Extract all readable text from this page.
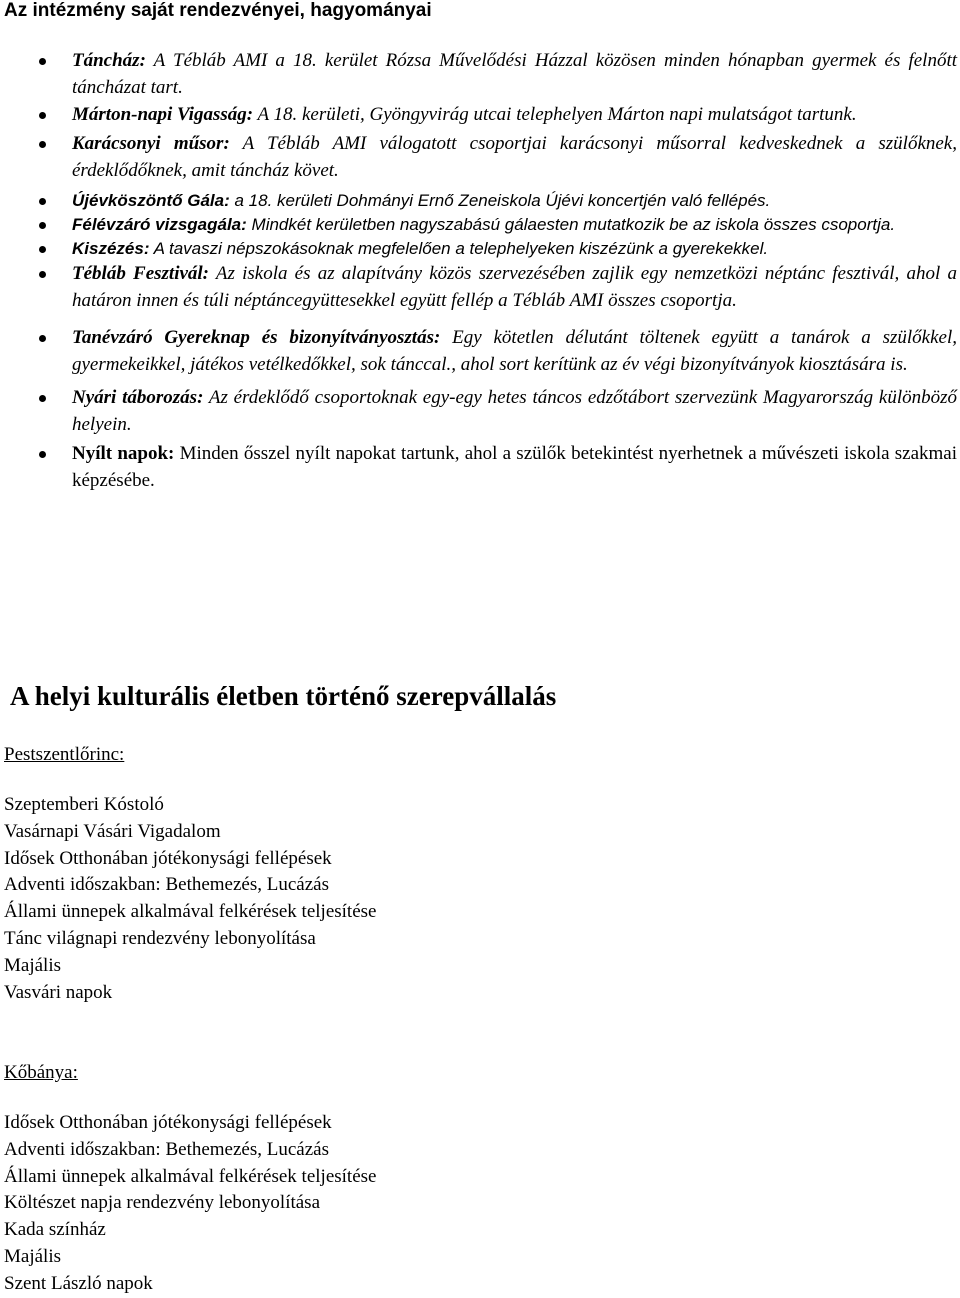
Az intézmény saját rendezvényei, hagyományai
Táncház: A Tébláb AMI a 18. kerület Rózsa Művelődési Házzal közösen minden hónapban gyermek és felnőtt táncházat tart.
Márton-napi Vigasság: A 18. kerületi, Gyöngyvirág utcai telephelyen Márton napi mulatságot tartunk.
Karácsonyi műsor: A Tébláb AMI válogatott csoportjai karácsonyi műsorral kedveskednek a szülőknek, érdeklődőknek, amit táncház követ.
Újévköszöntő Gála: a 18. kerületi Dohmányi Ernő Zeneiskola Újévi koncertjén való fellépés.
Félévzáró vizsgagála: Mindkét kerületben nagyszabású gálaesten mutatkozik be az iskola összes csoportja.
Kiszézés: A tavaszi népszokásoknak megfelelően a telephelyeken kiszézünk a gyerekekkel.
Tébláb Fesztivál: Az iskola és az alapítvány közös szervezésében zajlik egy nemzetközi néptánc fesztivál, ahol a határon innen és túli néptáncegyüttesekkel együtt fellép a Tébláb AMI összes csoportja.
Tanévzáró Gyereknap és bizonyítványosztás: Egy kötetlen délutánt töltenek együtt a tanárok a szülőkkel, gyermekeikkel, játékos vetélkedőkkel, sok tánccal., ahol sort kerítünk az év végi bizonyítványok kiosztására is.
Nyári táborozás: Az érdeklődő csoportoknak egy-egy hetes táncos edzőtábort szervezünk Magyarország különböző helyein.
Nyílt napok: Minden ősszel nyílt napokat tartunk, ahol a szülők betekintést nyerhetnek a művészeti iskola szakmai képzésébe.
A helyi kulturális életben történő szerepvállalás
Pestszentlőrinc:
Szeptemberi Kóstoló
Vasárnapi Vásári Vigadalom
Idősek Otthonában jótékonysági fellépések
Adventi időszakban: Bethemezés, Lucázás
Állami ünnepek alkalmával felkérések teljesítése
Tánc világnapi rendezvény lebonyolítása
Majális
Vasvári napok
Kőbánya:
Idősek Otthonában jótékonysági fellépések
Adventi időszakban: Bethemezés, Lucázás
Állami ünnepek alkalmával felkérések teljesítése
Költészet napja rendezvény lebonyolítása
Kada színház
Majális
Szent László napok
